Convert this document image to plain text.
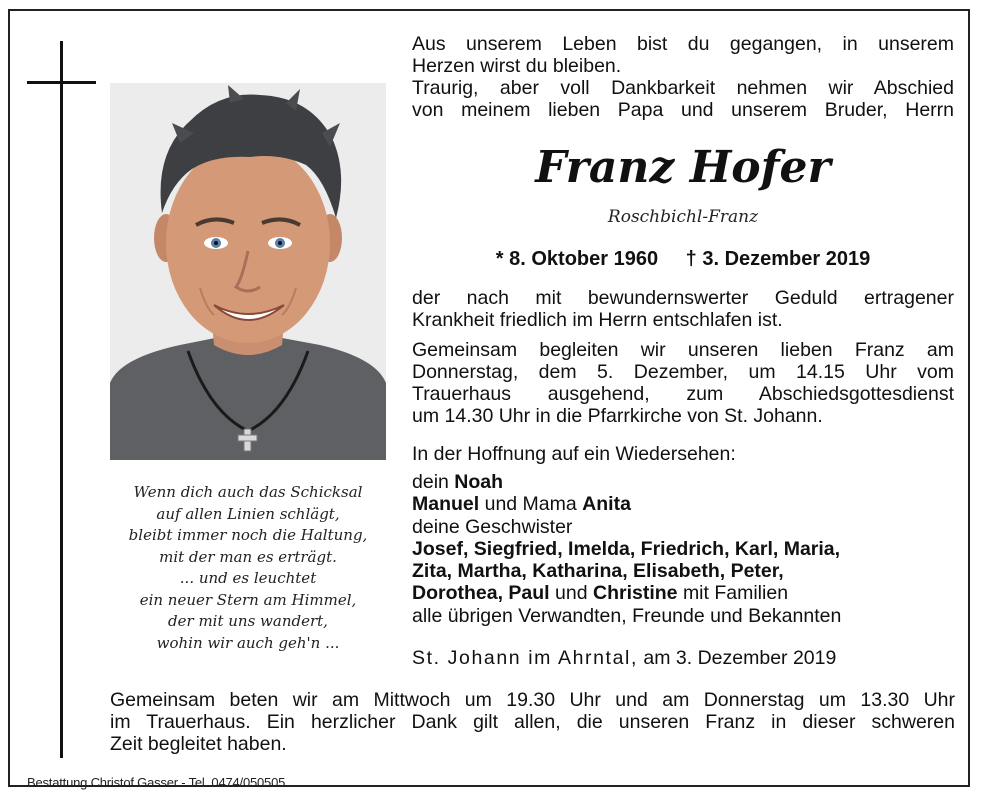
Wenn dich auch das Schicksal
auf allen Linien schlägt,
bleibt immer noch die Haltung,
mit der man es erträgt.
... und es leuchtet
ein neuer Stern am Himmel,
der mit uns wandert,
wohin wir auch geh'n ...
Aus unserem Leben bist du gegangen, in unserem
Herzen wirst du bleiben.
Traurig, aber voll Dankbarkeit nehmen wir Abschied
von meinem lieben Papa und unserem Bruder, Herrn
Franz Hofer
Roschbichl-Franz
* 8. Oktober 1960 † 3. Dezember 2019
der nach mit bewundernswerter Geduld ertragener
Krankheit friedlich im Herrn entschlafen ist.
Gemeinsam begleiten wir unseren lieben Franz am
Donnerstag, dem 5. Dezember, um 14.15 Uhr vom
Trauerhaus ausgehend, zum Abschiedsgottesdienst
um 14.30 Uhr in die Pfarrkirche von St. Johann.
In der Hoffnung auf ein Wiedersehen:
dein Noah
Manuel und Mama Anita
deine Geschwister
Josef, Siegfried, Imelda, Friedrich, Karl, Maria,
Zita, Martha, Katharina, Elisabeth, Peter,
Dorothea, Paul und Christine mit Familien
alle übrigen Verwandten, Freunde und Bekannten
St. Johann im Ahrntal, am 3. Dezember 2019
Gemeinsam beten wir am Mittwoch um 19.30 Uhr und am Donnerstag um 13.30 Uhr
im Trauerhaus. Ein herzlicher Dank gilt allen, die unseren Franz in dieser schweren
Zeit begleitet haben.
Bestattung Christof Gasser - Tel. 0474/050505
